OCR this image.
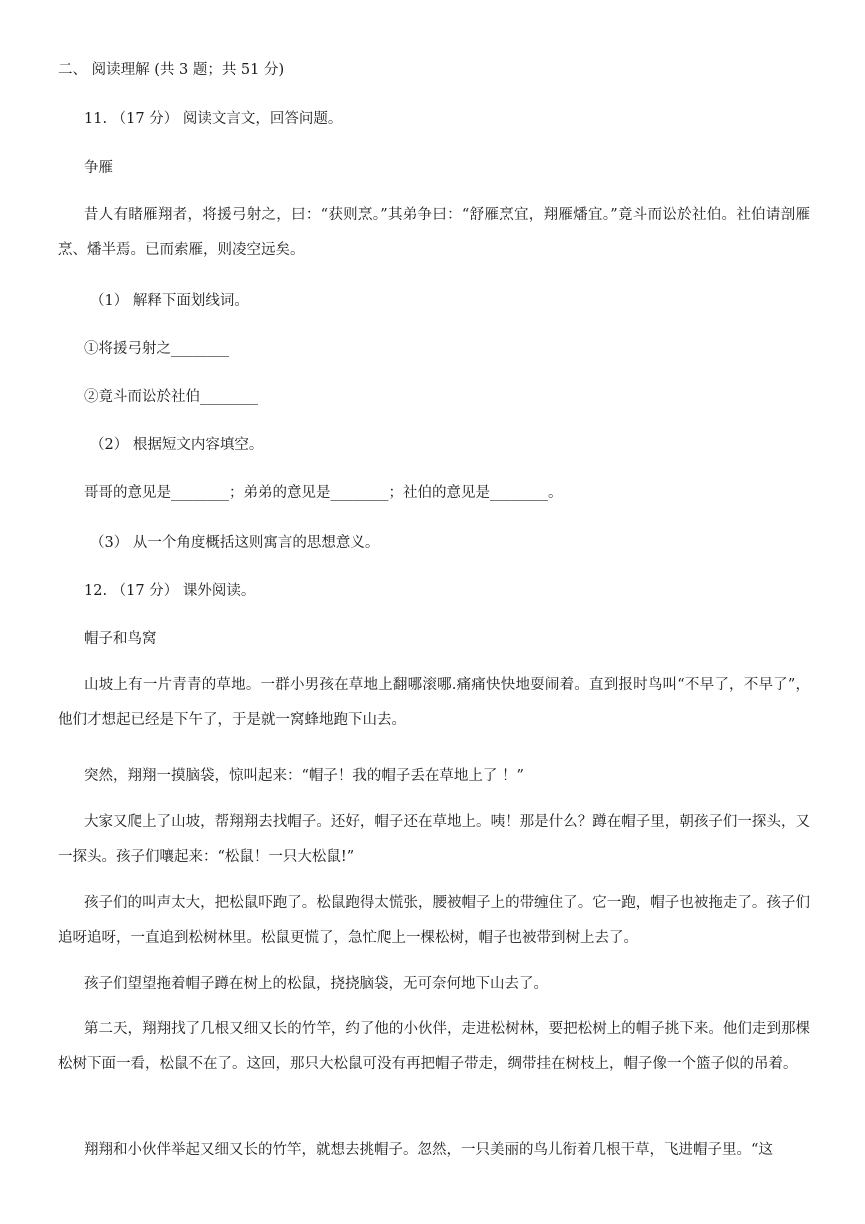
二、 阅读理解 (共 3 题；共 51 分)
11. （17 分） 阅读文言文，回答问题。
争雁
昔人有睹雁翔者，将援弓射之，曰：“获则烹。”其弟争曰：“舒雁烹宜，翔雁燔宜。”竟斗而讼於社伯。社伯请剖雁烹、燔半焉。已而索雁，则凌空远矣。
（1） 解释下面划线词。
①将援弓射之________
②竟斗而讼於社伯________
（2） 根据短文内容填空。
哥哥的意见是________；弟弟的意见是________；社伯的意见是________。
（3） 从一个角度概括这则寓言的思想意义。
12. （17 分） 课外阅读。
帽子和鸟窝
山坡上有一片青青的草地。一群小男孩在草地上翻哪滚哪.痛痛快快地耍闹着。直到报时鸟叫“不早了，不早了”，他们才想起已经是下午了，于是就一窝蜂地跑下山去。
突然，翔翔一摸脑袋，惊叫起来：“帽子！我的帽子丢在草地上了 ！”
大家又爬上了山坡，帮翔翔去找帽子。还好，帽子还在草地上。咦！那是什么？蹲在帽子里，朝孩子们一探头，又一探头。孩子们嚷起来：“松鼠！一只大松鼠!”
孩子们的叫声太大，把松鼠吓跑了。松鼠跑得太慌张，腰被帽子上的带缠住了。它一跑，帽子也被拖走了。孩子们追呀追呀，一直追到松树林里。松鼠更慌了，急忙爬上一棵松树，帽子也被带到树上去了。
孩子们望望拖着帽子蹲在树上的松鼠，挠挠脑袋，无可奈何地下山去了。
第二天，翔翔找了几根又细又长的竹竿，约了他的小伙伴，走进松树林，要把松树上的帽子挑下来。他们走到那棵松树下面一看，松鼠不在了。这回，那只大松鼠可没有再把帽子带走，绸带挂在树枝上，帽子像一个篮子似的吊着。
翔翔和小伙伴举起又细又长的竹竿，就想去挑帽子。忽然，一只美丽的鸟儿衔着几根干草，飞进帽子里。“这
